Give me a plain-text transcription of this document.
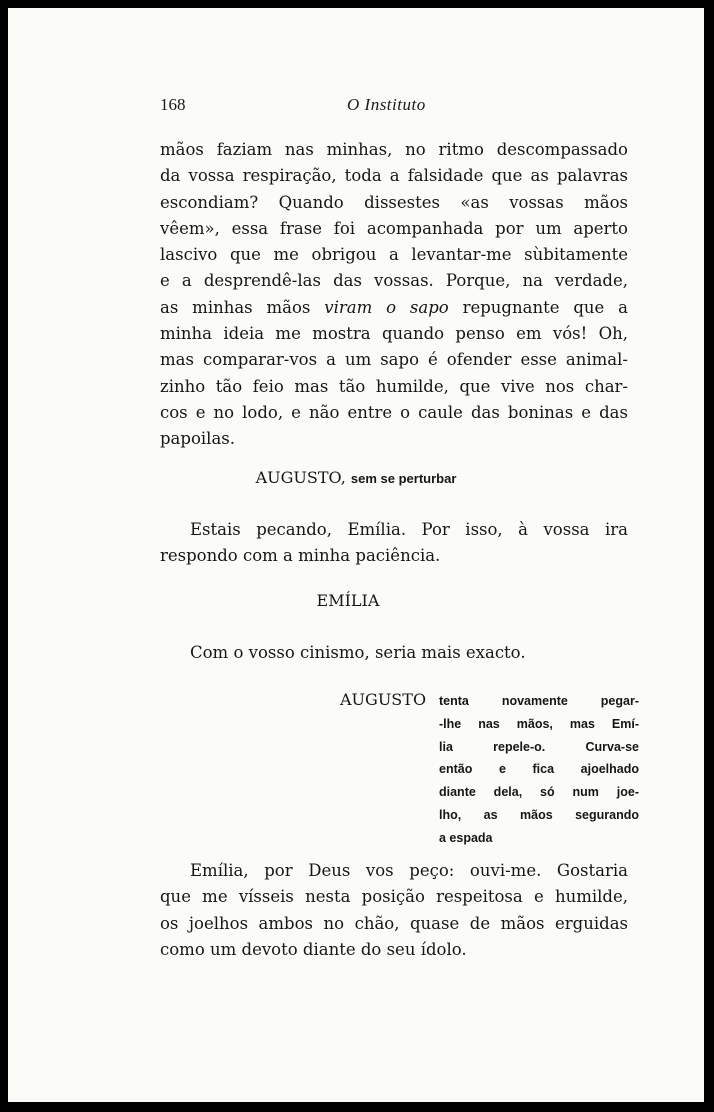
168	O Instituto
mãos faziam nas minhas, no ritmo descompassado
da vossa respiração, toda a falsidade que as palavras
escondiam? Quando dissestes «as vossas mãos
vêem», essa frase foi acompanhada por um aperto
lascivo que me obrigou a levantar-me sùbitamente
e a desprendê-las das vossas. Porque, na verdade,
as minhas mãos viram o sapo repugnante que a
minha ideia me mostra quando penso em vós! Oh,
mas comparar-vos a um sapo é ofender esse animal-
zinho tão feio mas tão humilde, que vive nos char-
cos e no lodo, e não entre o caule das boninas e das
papoilas.
AUGUSTO, sem se perturbar
Estais pecando, Emília. Por isso, à vossa ira
respondo com a minha paciência.
EMÍLIA
Com o vosso cinismo, seria mais exacto.
AUGUSTO tenta novamente pegar-
-lhe nas mãos, mas Emí-
lia repele-o. Curva-se
então e fica ajoelhado
diante dela, só num joe-
lho, as mãos segurando
a espada
Emília, por Deus vos peço: ouvi-me. Gostaria
que me vísseis nesta posição respeitosa e humilde,
os joelhos ambos no chão, quase de mãos erguidas
como um devoto diante do seu ídolo.
